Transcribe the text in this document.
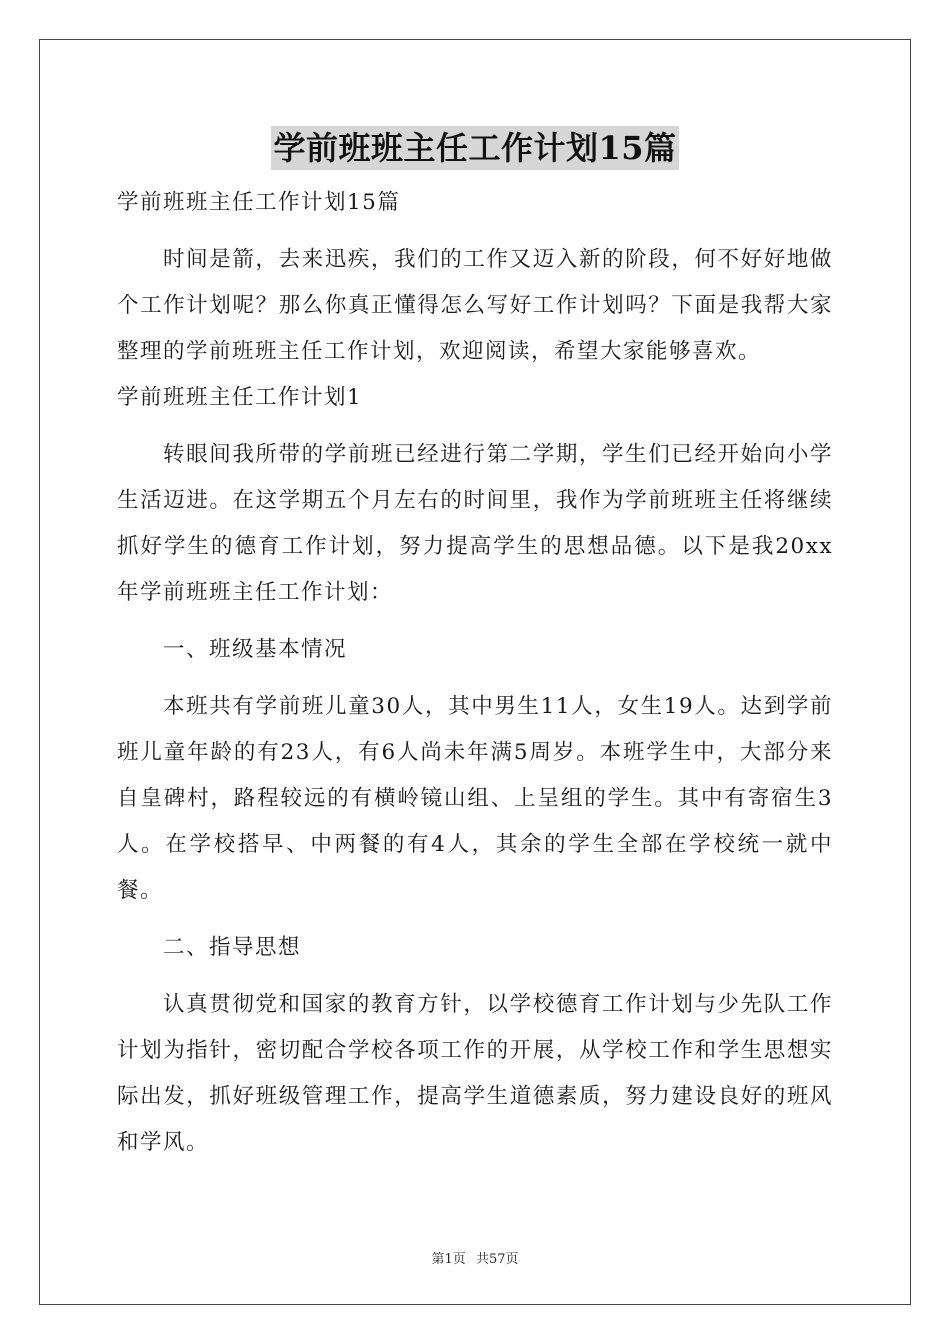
学前班班主任工作计划15篇

学前班班主任工作计划15篇

时间是箭，去来迅疾，我们的工作又迈入新的阶段，何不好好地做个工作计划呢？那么你真正懂得怎么写好工作计划吗？下面是我帮大家整理的学前班班主任工作计划，欢迎阅读，希望大家能够喜欢。

学前班班主任工作计划1

转眼间我所带的学前班已经进行第二学期，学生们已经开始向小学生活迈进。在这学期五个月左右的时间里，我作为学前班班主任将继续抓好学生的德育工作计划，努力提高学生的思想品德。以下是我20xx年学前班班主任工作计划：

一、班级基本情况

本班共有学前班儿童30人，其中男生11人，女生19人。达到学前班儿童年龄的有23人，有6人尚未年满5周岁。本班学生中，大部分来自皇碑村，路程较远的有横岭镜山组、上呈组的学生。其中有寄宿生3人。在学校搭早、中两餐的有4人，其余的学生全部在学校统一就中餐。

二、指导思想

认真贯彻党和国家的教育方针，以学校德育工作计划与少先队工作计划为指针，密切配合学校各项工作的开展，从学校工作和学生思想实际出发，抓好班级管理工作，提高学生道德素质，努力建设良好的班风和学风。

第1页 共57页
